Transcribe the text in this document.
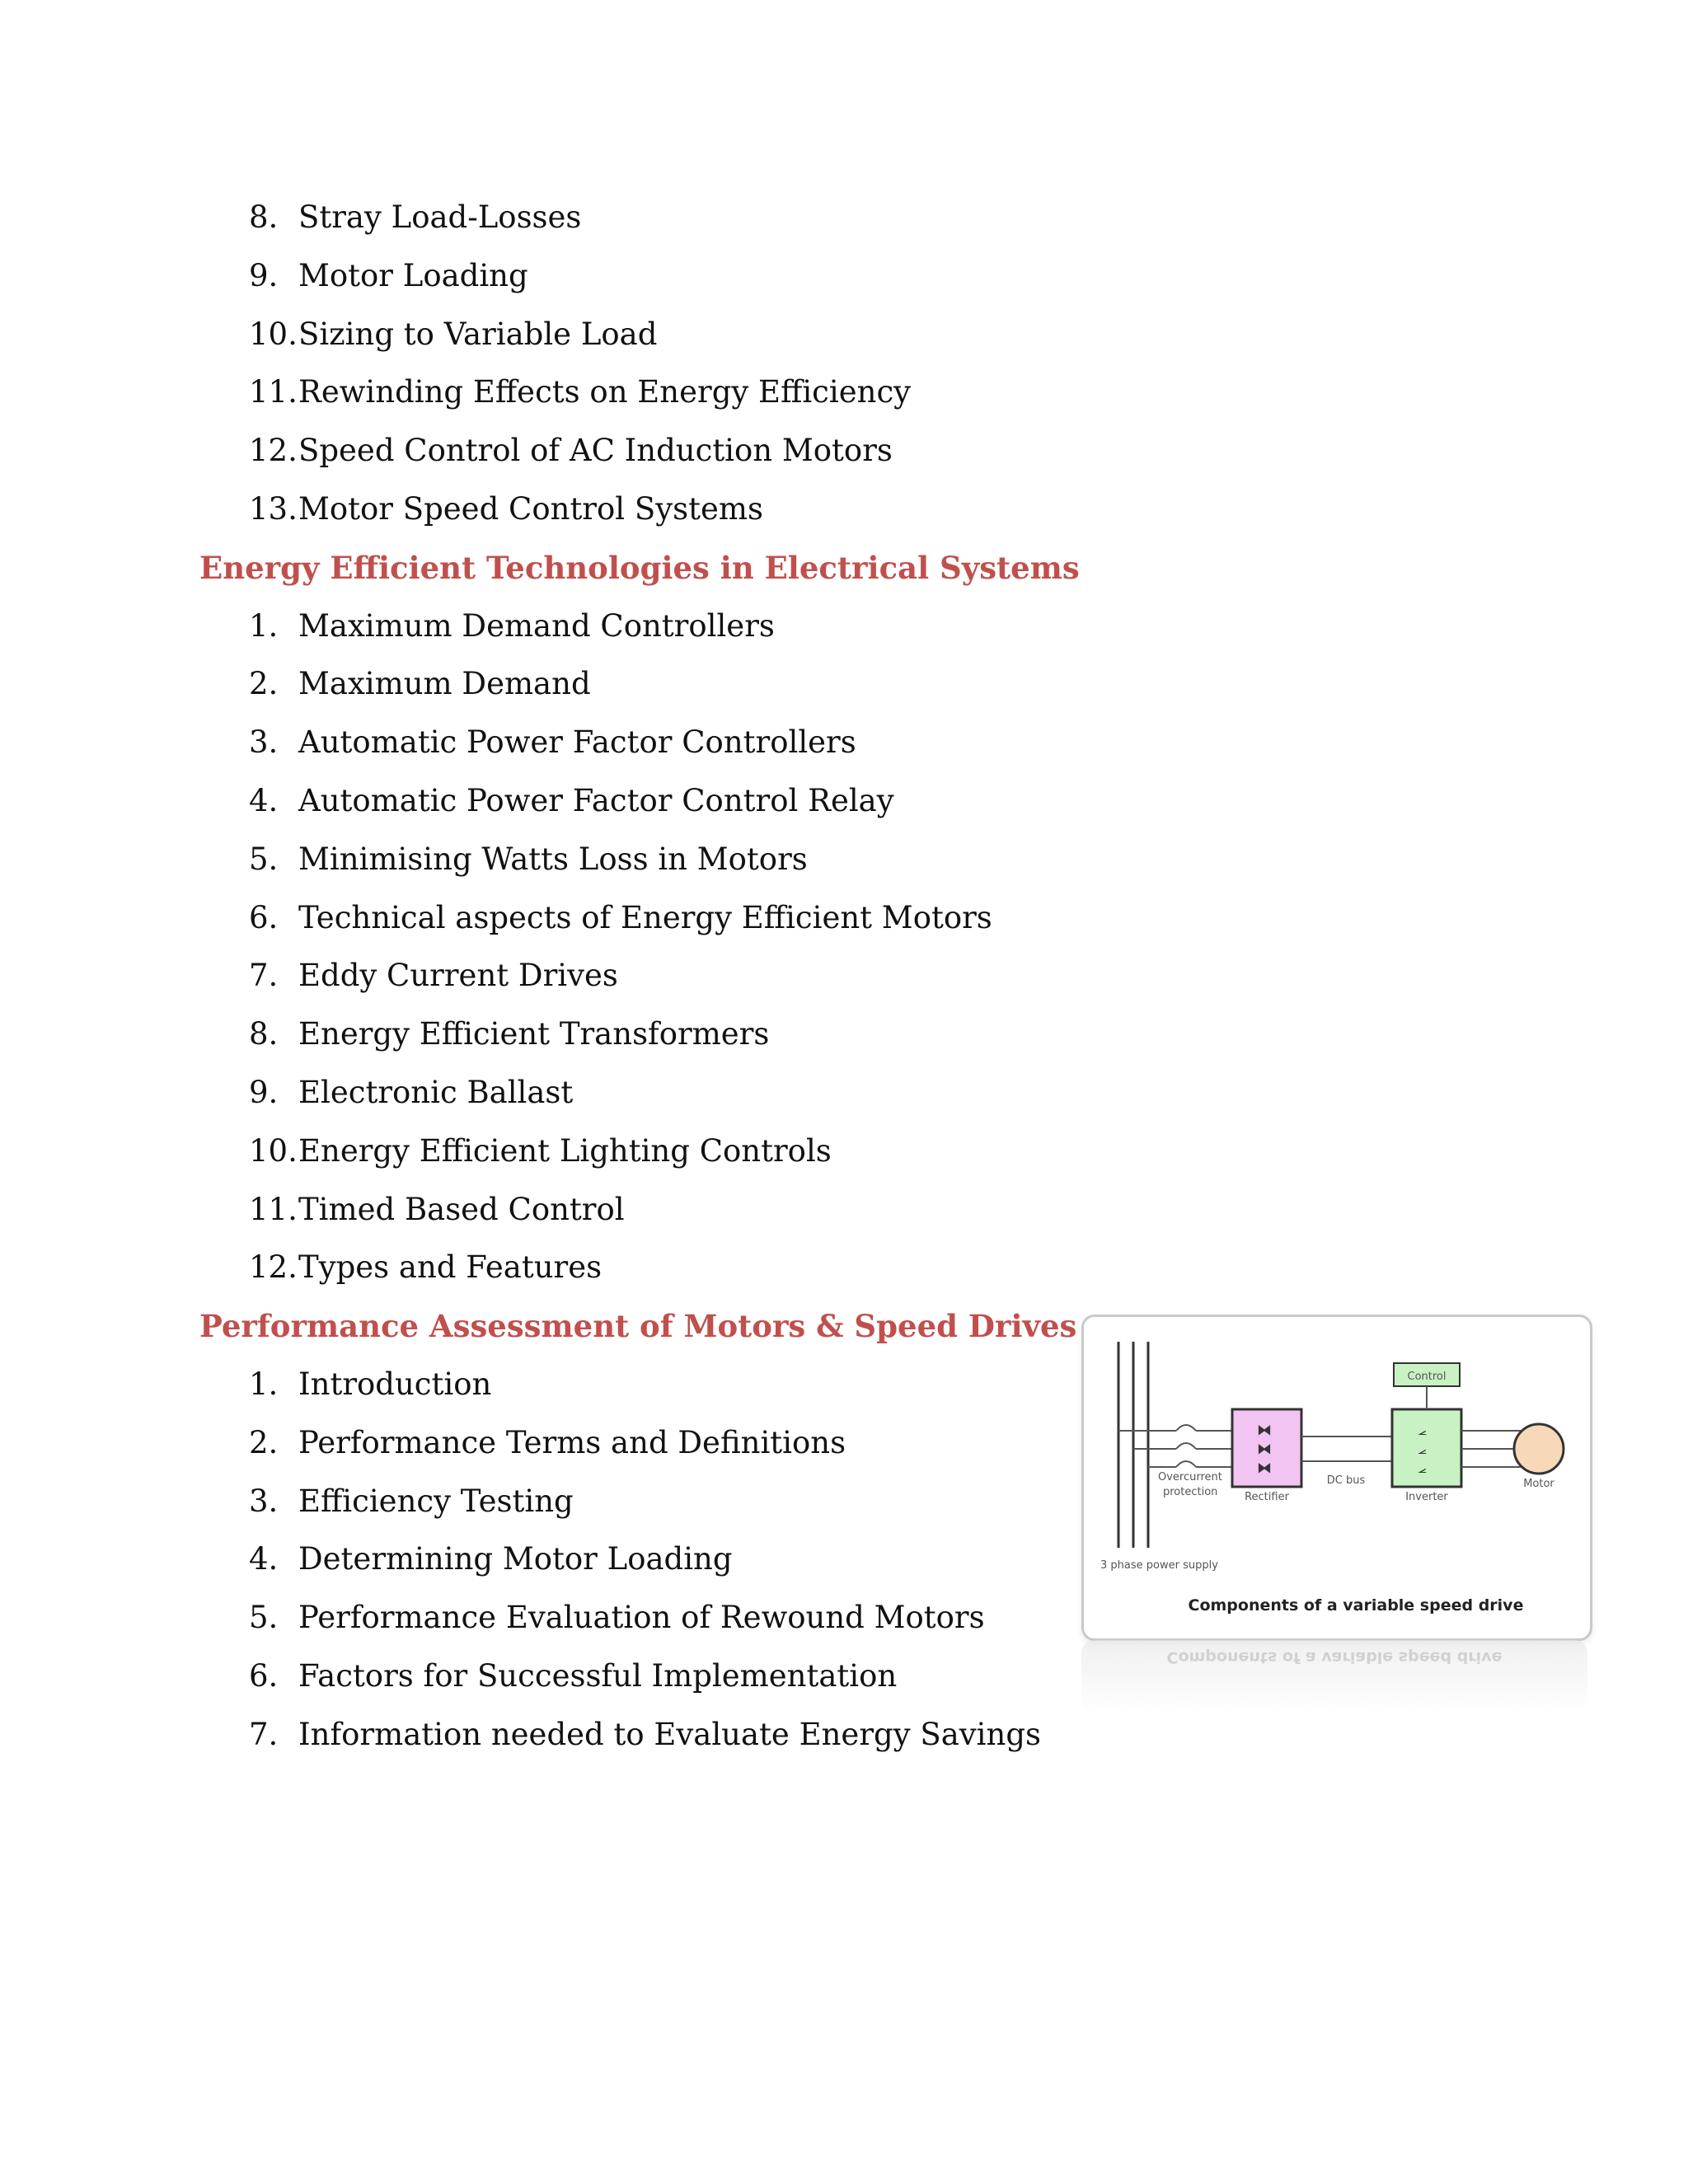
8. Stray Load-Losses
9. Motor Loading
10.Sizing to Variable Load
11.Rewinding Effects on Energy Efficiency
12.Speed Control of AC Induction Motors
13.Motor Speed Control Systems
Energy Efficient Technologies in Electrical Systems
1. Maximum Demand Controllers
2. Maximum Demand
3. Automatic Power Factor Controllers
4. Automatic Power Factor Control Relay
5. Minimising Watts Loss in Motors
6. Technical aspects of Energy Efficient Motors
7. Eddy Current Drives
8. Energy Efficient Transformers
9. Electronic Ballast
10.Energy Efficient Lighting Controls
11.Timed Based Control
12.Types and Features
Performance Assessment of Motors & Speed Drives
1. Introduction
2. Performance Terms and Definitions
3. Efficiency Testing
4. Determining Motor Loading
5. Performance Evaluation of Rewound Motors
6. Factors for Successful Implementation
7. Information needed to Evaluate Energy Savings
⧓
⧓
⧓
⦟
⦟
⦟
Control
Overcurrent
protection	Rectifier
DC bus
Inverter
Motor
3 phase power supply
Components of a variable speed drive
Components of a variable speed drive
